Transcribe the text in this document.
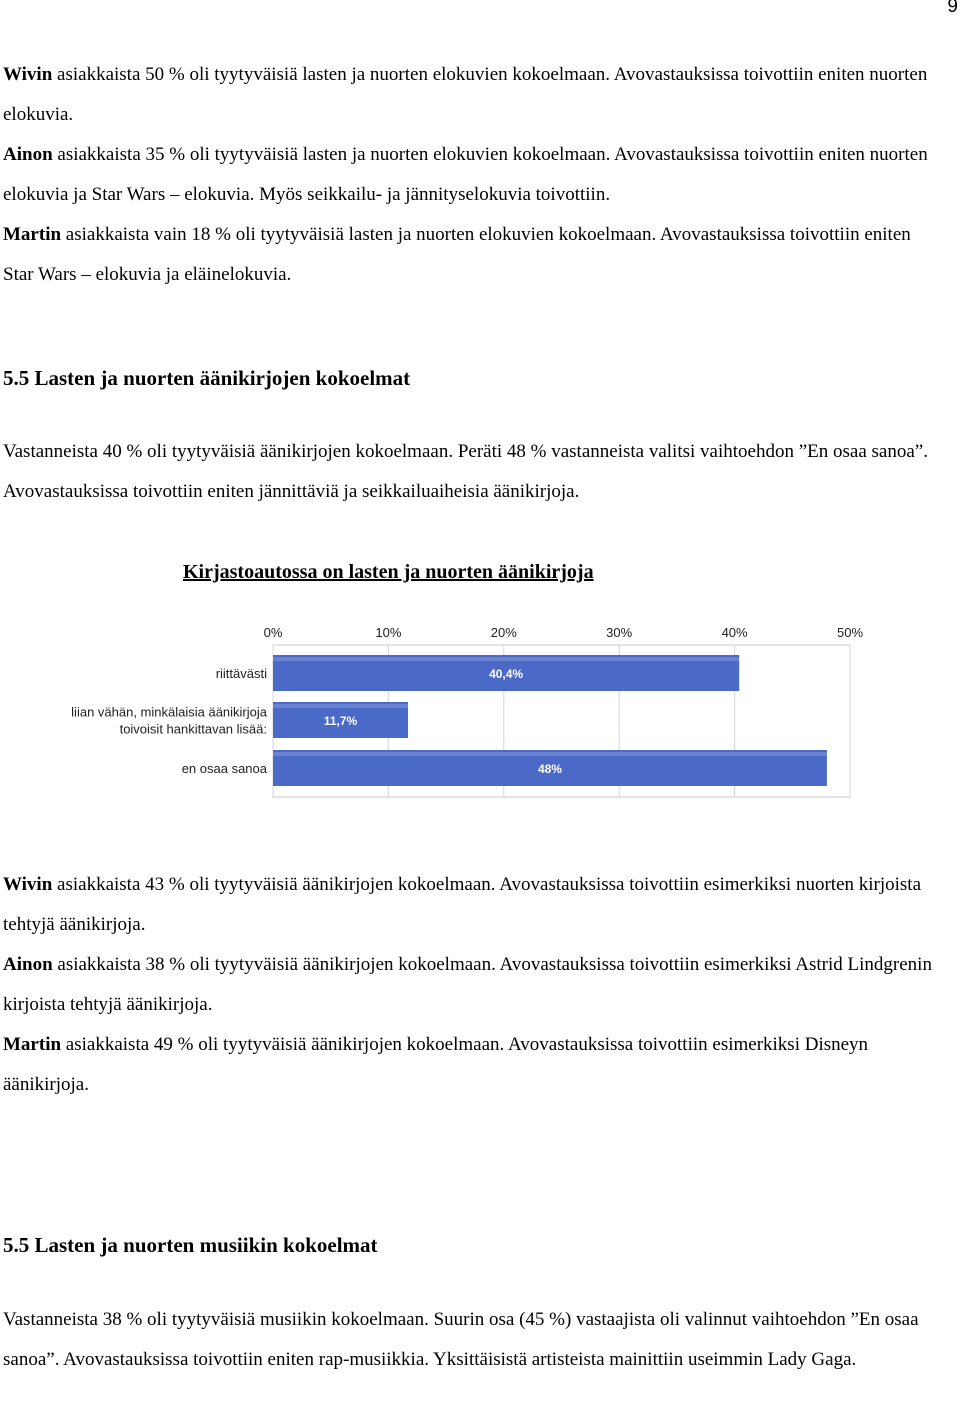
9

Wivin asiakkaista 50 % oli tyytyväisiä lasten ja nuorten elokuvien kokoelmaan. Avovastauksissa toivottiin eniten nuorten elokuvia.

Ainon asiakkaista 35 % oli tyytyväisiä lasten ja nuorten elokuvien kokoelmaan. Avovastauksissa toivottiin eniten nuorten elokuvia ja Star Wars – elokuvia. Myös seikkailu- ja jännityselokuvia toivottiin.

Martin asiakkaista vain 18 % oli tyytyväisiä lasten ja nuorten elokuvien kokoelmaan. Avovastauksissa toivottiin eniten Star Wars – elokuvia ja eläinelokuvia.

5.5 Lasten ja nuorten äänikirjojen kokoelmat

Vastanneista 40 % oli tyytyväisiä äänikirjojen kokoelmaan. Peräti 48 % vastanneista valitsi vaihtoehdon ”En osaa sanoa”. Avovastauksissa toivottiin eniten jännittäviä ja seikkailuaiheisia äänikirjoja.

Kirjastoautossa on lasten ja nuorten äänikirjoja
0%	10%	20%	30%	40%	50%
40,4%
riittävästi
11,7%
liian vähän, minkälaisia äänikirjoja
toivoisit hankittavan lisää:
48%
en osaa sanoa

Wivin asiakkaista 43 % oli tyytyväisiä äänikirjojen kokoelmaan. Avovastauksissa toivottiin esimerkiksi nuorten kirjoista tehtyjä äänikirjoja.

Ainon asiakkaista 38 % oli tyytyväisiä äänikirjojen kokoelmaan. Avovastauksissa toivottiin esimerkiksi Astrid Lindgrenin kirjoista tehtyjä äänikirjoja.

Martin asiakkaista 49 % oli tyytyväisiä äänikirjojen kokoelmaan. Avovastauksissa toivottiin esimerkiksi Disneyn äänikirjoja.

5.5 Lasten ja nuorten musiikin kokoelmat

Vastanneista 38 % oli tyytyväisiä musiikin kokoelmaan. Suurin osa (45 %) vastaajista oli valinnut vaihtoehdon ”En osaa sanoa”. Avovastauksissa toivottiin eniten rap-musiikkia. Yksittäisistä artisteista mainittiin useimmin Lady Gaga.
